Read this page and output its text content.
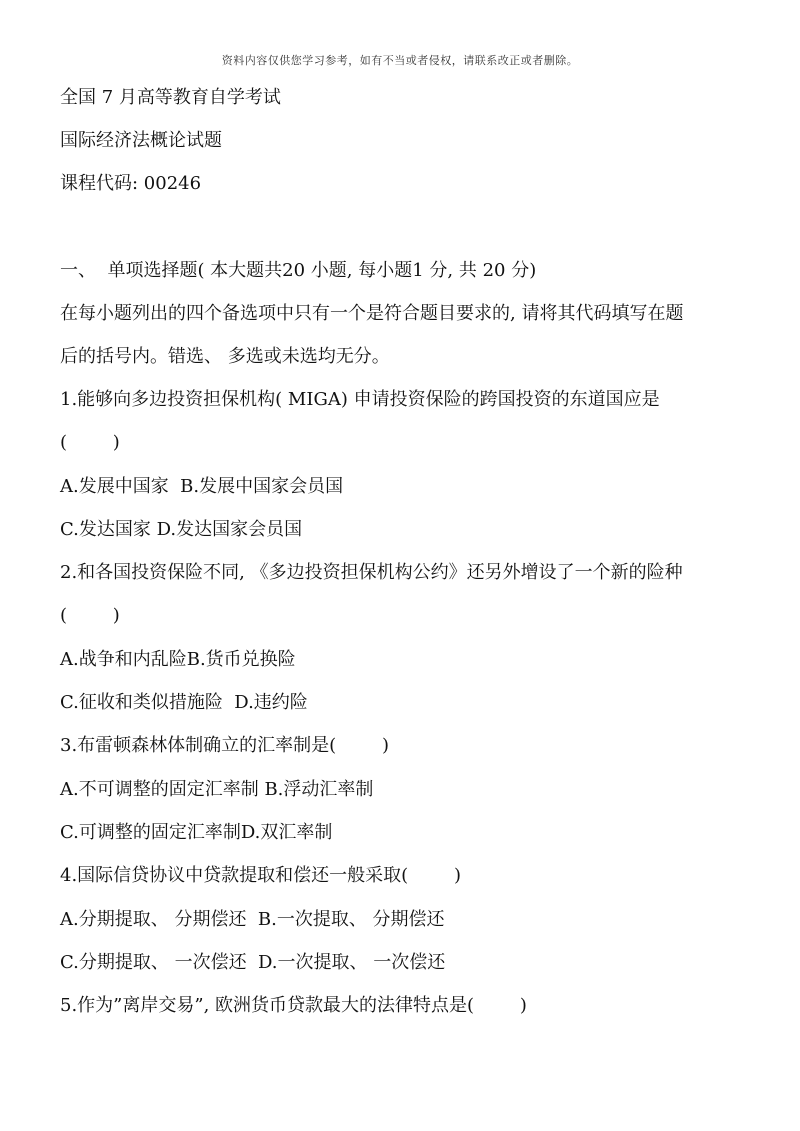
资料内容仅供您学习参考，如有不当或者侵权，请联系改正或者删除。
全国 7 月高等教育自学考试
国际经济法概论试题
课程代码: 00246
一、  单项选择题( 本大题共20 小题, 每小题1 分, 共 20 分)
在每小题列出的四个备选项中只有一个是符合题目要求的, 请将其代码填写在题
后的括号内。错选、 多选或未选均无分。
1.能够向多边投资担保机构( MIGA) 申请投资保险的跨国投资的东道国应是
(        )
A.发展中国家  B.发展中国家会员国
C.发达国家 D.发达国家会员国
2.和各国投资保险不同, 《多边投资担保机构公约》还另外增设了一个新的险种
(        )
A.战争和内乱险B.货币兑换险
C.征收和类似措施险  D.违约险
3.布雷顿森林体制确立的汇率制是(        )
A.不可调整的固定汇率制 B.浮动汇率制
C.可调整的固定汇率制D.双汇率制
4.国际信贷协议中贷款提取和偿还一般采取(        )
A.分期提取、 分期偿还  B.一次提取、 分期偿还
C.分期提取、 一次偿还  D.一次提取、 一次偿还
5.作为”离岸交易”, 欧洲货币贷款最大的法律特点是(        )
